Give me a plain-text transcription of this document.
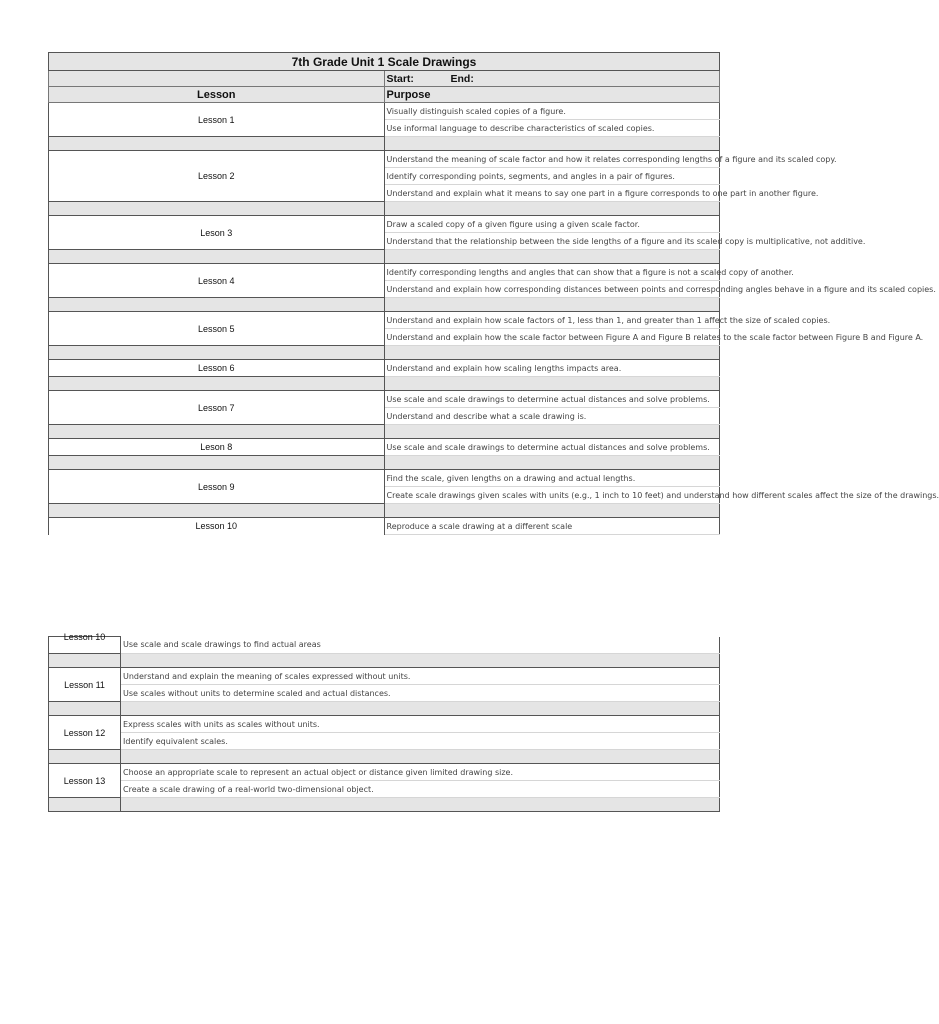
7th Grade Unit 1 Scale Drawings	
	Start: End:
Lesson	Purpose
Lesson 1	Visually distinguish scaled copies of a figure.
	Use informal language to describe characteristics of scaled copies.

Lesson 2	Understand the meaning of scale factor and how it relates corresponding lengths of a figure and its scaled copy.
	Identify corresponding points, segments, and angles in a pair of figures.
	Understand and explain what it means to say one part in a figure corresponds to one part in another figure.

Leson 3	Draw a scaled copy of a given figure using a given scale factor.
	Understand that the relationship between the side lengths of a figure and its scaled copy is multiplicative, not additive.

Lesson 4	Identify corresponding lengths and angles that can show that a figure is not a scaled copy of another.
	Understand and explain how corresponding distances between points and corresponding angles behave in a figure and its scaled copies.

Lesson 5	Understand and explain how scale factors of 1, less than 1, and greater than 1 affect the size of scaled copies.
	Understand and explain how the scale factor between Figure A and Figure B relates to the scale factor between Figure B and Figure A.

Lesson 6	Understand and explain how scaling lengths impacts area.

Lesson 7	Use scale and scale drawings to determine actual distances and solve problems.
	Understand and describe what a scale drawing is.

Leson 8	Use scale and scale drawings to determine actual distances and solve problems.

Lesson 9	Find the scale, given lengths on a drawing and actual lengths.
	Create scale drawings given scales with units (e.g., 1 inch to 10 feet) and understand how different scales affect the size of the drawings.

Lesson 10	Reproduce a scale drawing at a different scale
Lesson 10	Use scale and scale drawings to find actual areas

Lesson 11	Understand and explain the meaning of scales expressed without units.
	Use scales without units to determine scaled and actual distances.

Lesson 12	Express scales with units as scales without units.
	Identify equivalent scales.

Lesson 13	Choose an appropriate scale to represent an actual object or distance given limited drawing size.
	Create a scale drawing of a real-world two-dimensional object.
